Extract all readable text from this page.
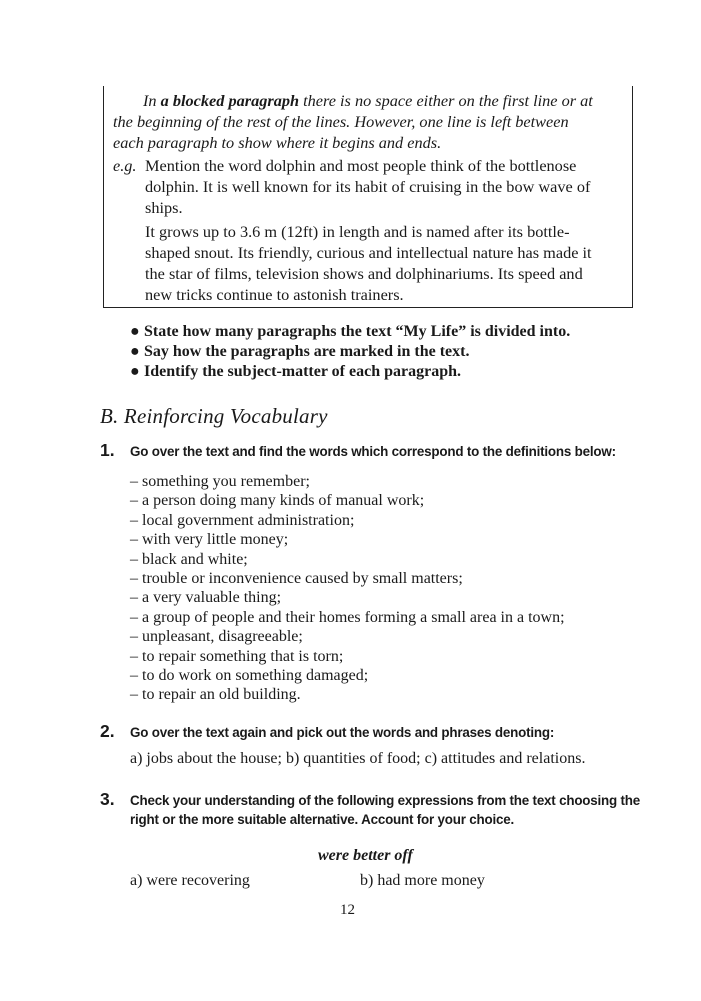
In a blocked paragraph there is no space either on the first line or at
the beginning of the rest of the lines. However, one line is left between
each paragraph to show where it begins and ends.
e.g. Mention the word dolphin and most people think of the bottlenose
dolphin. It is well known for its habit of cruising in the bow wave of
ships.
It grows up to 3.6 m (12ft) in length and is named after its bottle-
shaped snout. Its friendly, curious and intellectual nature has made it
the star of films, television shows and dolphinariums. Its speed and
new tricks continue to astonish trainers.
● State how many paragraphs the text “My Life” is divided into.
● Say how the paragraphs are marked in the text.
● Identify the subject-matter of each paragraph.
B. Reinforcing Vocabulary
1. Go over the text and find the words which correspond to the definitions below:
– something you remember;
– a person doing many kinds of manual work;
– local government administration;
– with very little money;
– black and white;
– trouble or inconvenience caused by small matters;
– a very valuable thing;
– a group of people and their homes forming a small area in a town;
– unpleasant, disagreeable;
– to repair something that is torn;
– to do work on something damaged;
– to repair an old building.
2. Go over the text again and pick out the words and phrases denoting:
a) jobs about the house; b) quantities of food; c) attitudes and relations.
3. Check your understanding of the following expressions from the text choosing the
right or the more suitable alternative. Account for your choice.
were better off
a) were recovering	b) had more money
12
